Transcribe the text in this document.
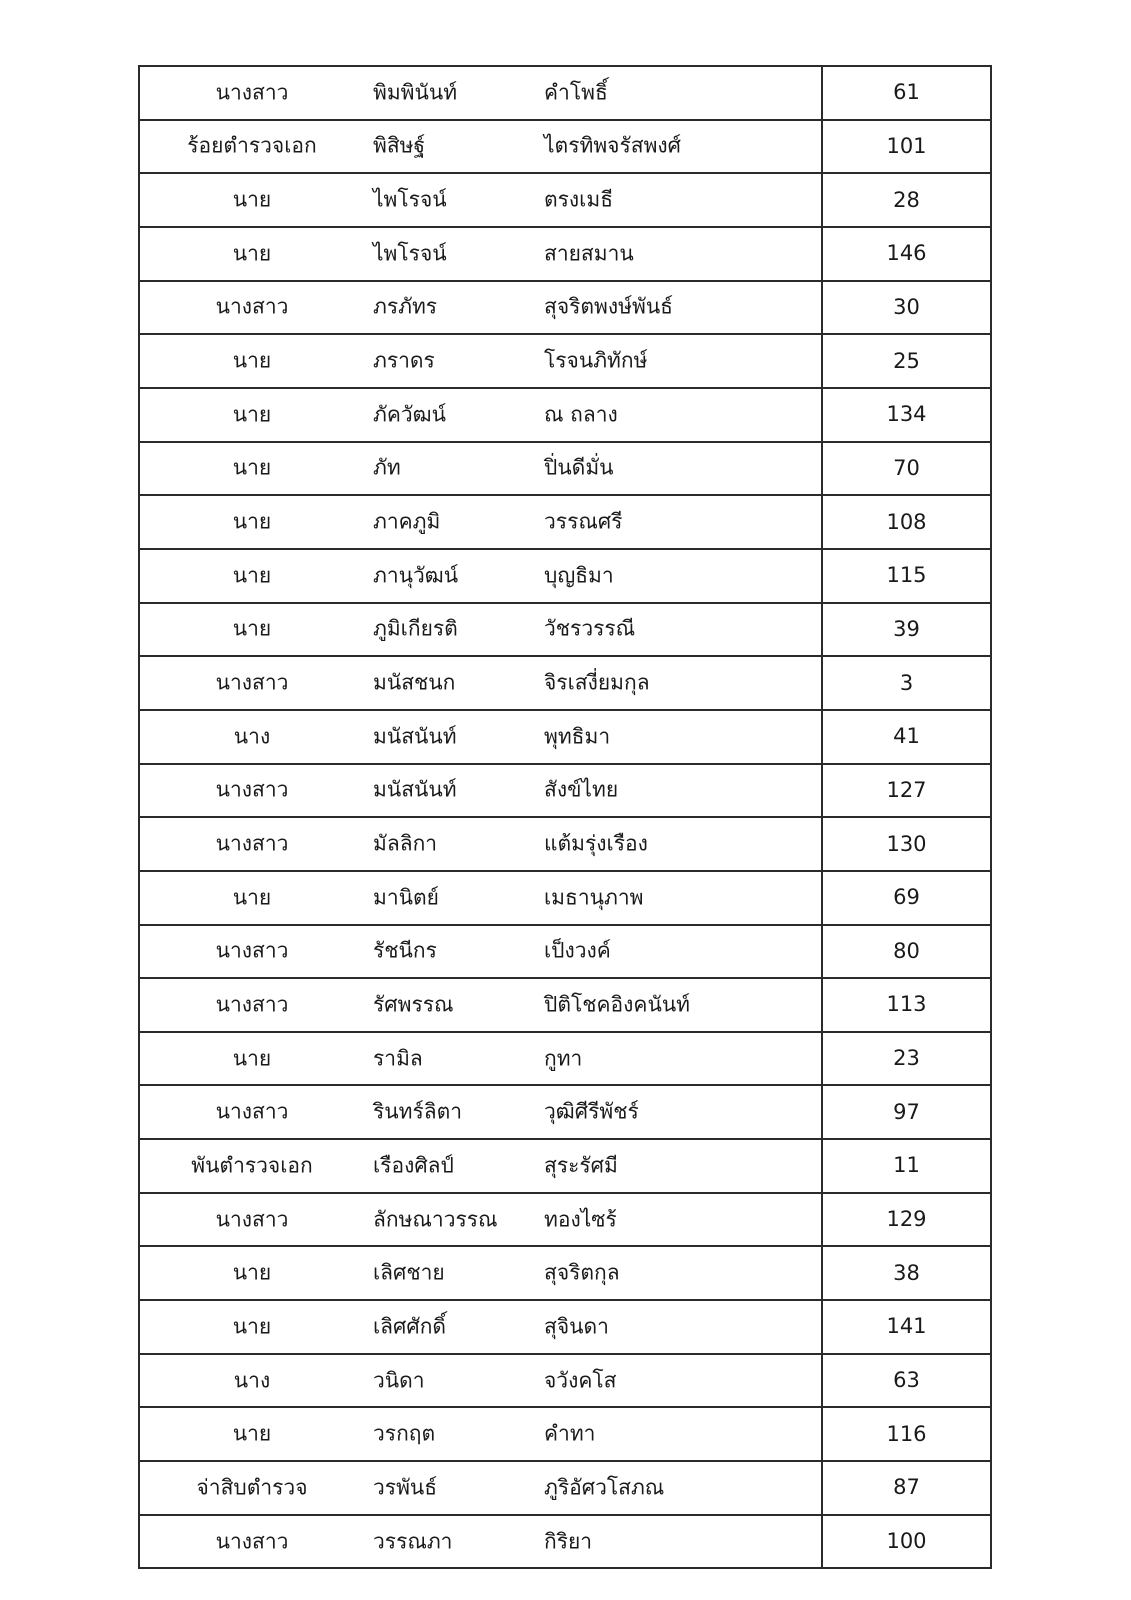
นางสาว พิมพินันท์ คำโพธิ์	61

ร้อยตำรวจเอก พิสิษฐ์ ไตรทิพจรัสพงศ์	101

นาย ไพโรจน์ ตรงเมธี	28

นาย ไพโรจน์ สายสมาน	146

นางสาว ภรภัทร สุจริตพงษ์พันธ์	30

นาย ภราดร โรจนภิทักษ์	25

นาย ภัควัฒน์ ณ ถลาง	134

นาย ภัท ปิ่นดีมั่น	70

นาย ภาคภูมิ วรรณศรี	108

นาย ภานุวัฒน์ บุญธิมา	115

นาย ภูมิเกียรติ วัชรวรรณี	39

นางสาว มนัสชนก จิรเสงี่ยมกุล	3

นาง มนัสนันท์ พุทธิมา	41

นางสาว มนัสนันท์ สังข์ไทย	127

นางสาว มัลลิกา แต้มรุ่งเรือง	130

นาย มานิตย์ เมธานุภาพ	69

นางสาว รัชนีกร เป็งวงค์	80

นางสาว รัศพรรณ ปิติโชคอิงคนันท์	113

นาย รามิล กูทา	23

นางสาว รินทร์ลิตา วุฒิศีรีพัชร์	97

พันตำรวจเอก เรืองศิลป์ สุระรัศมี	11

นางสาว ลักษณาวรรณ ทองไซร้	129

นาย เลิศชาย สุจริตกุล	38

นาย เลิศศักดิ์ สุจินดา	141

นาง วนิดา จวังคโส	63

นาย วรกฤต คำทา	116

จ่าสิบตำรวจ วรพันธ์ ภูริอัศวโสภณ	87

นางสาว วรรณภา กิริยา	100
